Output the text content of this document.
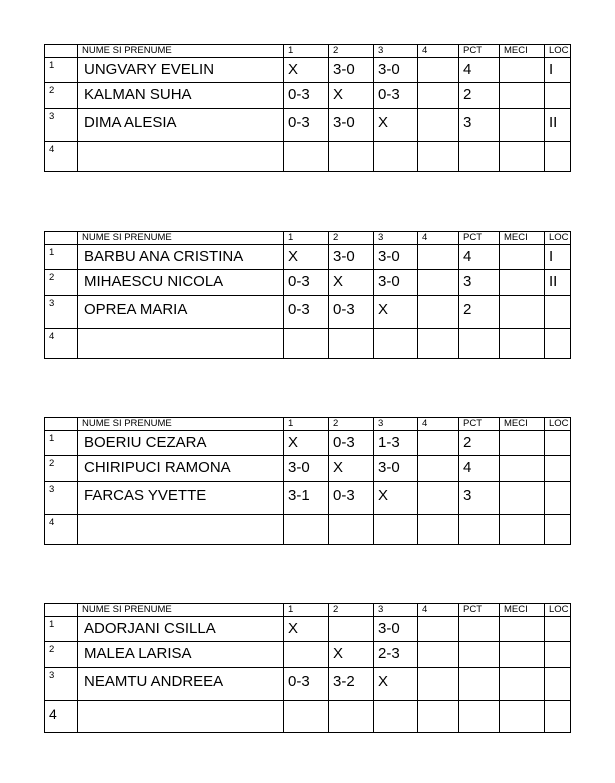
	NUME SI PRENUME	1	2	3	4	PCT	MECI	LOC
1	UNGVARY EVELIN	X	3-0	3-0		4		I
2	KALMAN SUHA	0-3	X	0-3		2		
3	DIMA ALESIA	0-3	3-0	X		3		II
4								
	NUME SI PRENUME	1	2	3	4	PCT	MECI	LOC
1	BARBU ANA CRISTINA	X	3-0	3-0		4		I
2	MIHAESCU NICOLA	0-3	X	3-0		3		II
3	OPREA MARIA	0-3	0-3	X		2		
4								
	NUME SI PRENUME	1	2	3	4	PCT	MECI	LOC
1	BOERIU CEZARA	X	0-3	1-3		2		
2	CHIRIPUCI RAMONA	3-0	X	3-0		4		
3	FARCAS YVETTE	3-1	0-3	X		3		
4								
	NUME SI PRENUME	1	2	3	4	PCT	MECI	LOC
1	ADORJANI CSILLA	X		3-0				
2	MALEA LARISA		X	2-3				
3	NEAMTU ANDREEA	0-3	3-2	X				
4								
